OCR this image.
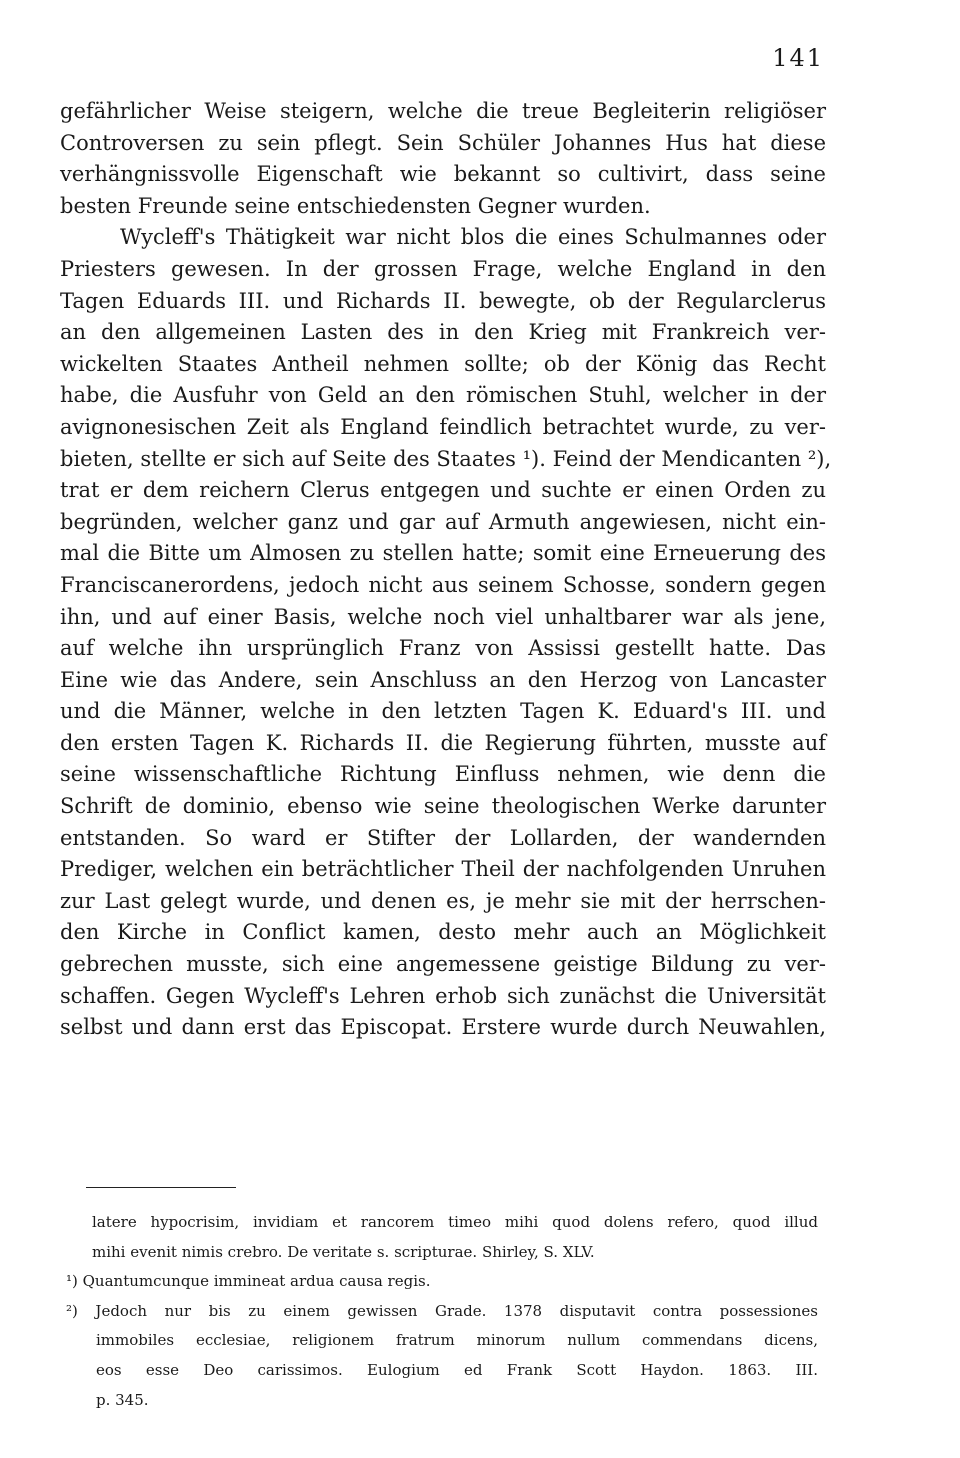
141
gefährlicher Weise steigern, welche die treue Begleiterin religiöser
Controversen zu sein pflegt. Sein Schüler Johannes Hus hat diese
verhängnissvolle Eigenschaft wie bekannt so cultivirt, dass seine
besten Freunde seine entschiedensten Gegner wurden.
Wycleff's Thätigkeit war nicht blos die eines Schulmannes oder
Priesters gewesen. In der grossen Frage, welche England in den
Tagen Eduards III. und Richards II. bewegte, ob der Regularclerus
an den allgemeinen Lasten des in den Krieg mit Frankreich ver-
wickelten Staates Antheil nehmen sollte; ob der König das Recht
habe, die Ausfuhr von Geld an den römischen Stuhl, welcher in der
avignonesischen Zeit als England feindlich betrachtet wurde, zu ver-
bieten, stellte er sich auf Seite des Staates ¹). Feind der Mendicanten ²),
trat er dem reichern Clerus entgegen und suchte er einen Orden zu
begründen, welcher ganz und gar auf Armuth angewiesen, nicht ein-
mal die Bitte um Almosen zu stellen hatte; somit eine Erneuerung des
Franciscanerordens, jedoch nicht aus seinem Schosse, sondern gegen
ihn, und auf einer Basis, welche noch viel unhaltbarer war als jene,
auf welche ihn ursprünglich Franz von Assissi gestellt hatte. Das
Eine wie das Andere, sein Anschluss an den Herzog von Lancaster
und die Männer, welche in den letzten Tagen K. Eduard's III. und
den ersten Tagen K. Richards II. die Regierung führten, musste auf
seine wissenschaftliche Richtung Einfluss nehmen, wie denn die
Schrift de dominio, ebenso wie seine theologischen Werke darunter
entstanden. So ward er Stifter der Lollarden, der wandernden
Prediger, welchen ein beträchtlicher Theil der nachfolgenden Unruhen
zur Last gelegt wurde, und denen es, je mehr sie mit der herrschen-
den Kirche in Conflict kamen, desto mehr auch an Möglichkeit
gebrechen musste, sich eine angemessene geistige Bildung zu ver-
schaffen. Gegen Wycleff's Lehren erhob sich zunächst die Universität
selbst und dann erst das Episcopat. Erstere wurde durch Neuwahlen,
latere hypocrisim, invidiam et rancorem timeo mihi quod dolens refero, quod illud
mihi evenit nimis crebro. De veritate s. scripturae. Shirley, S. XLV.
¹) Quantumcunque immineat ardua causa regis.
²) Jedoch nur bis zu einem gewissen Grade. 1378 disputavit contra possessiones
immobiles ecclesiae, religionem fratrum minorum nullum commendans dicens,
eos esse Deo carissimos. Eulogium ed Frank Scott Haydon. 1863. III.
p. 345.
